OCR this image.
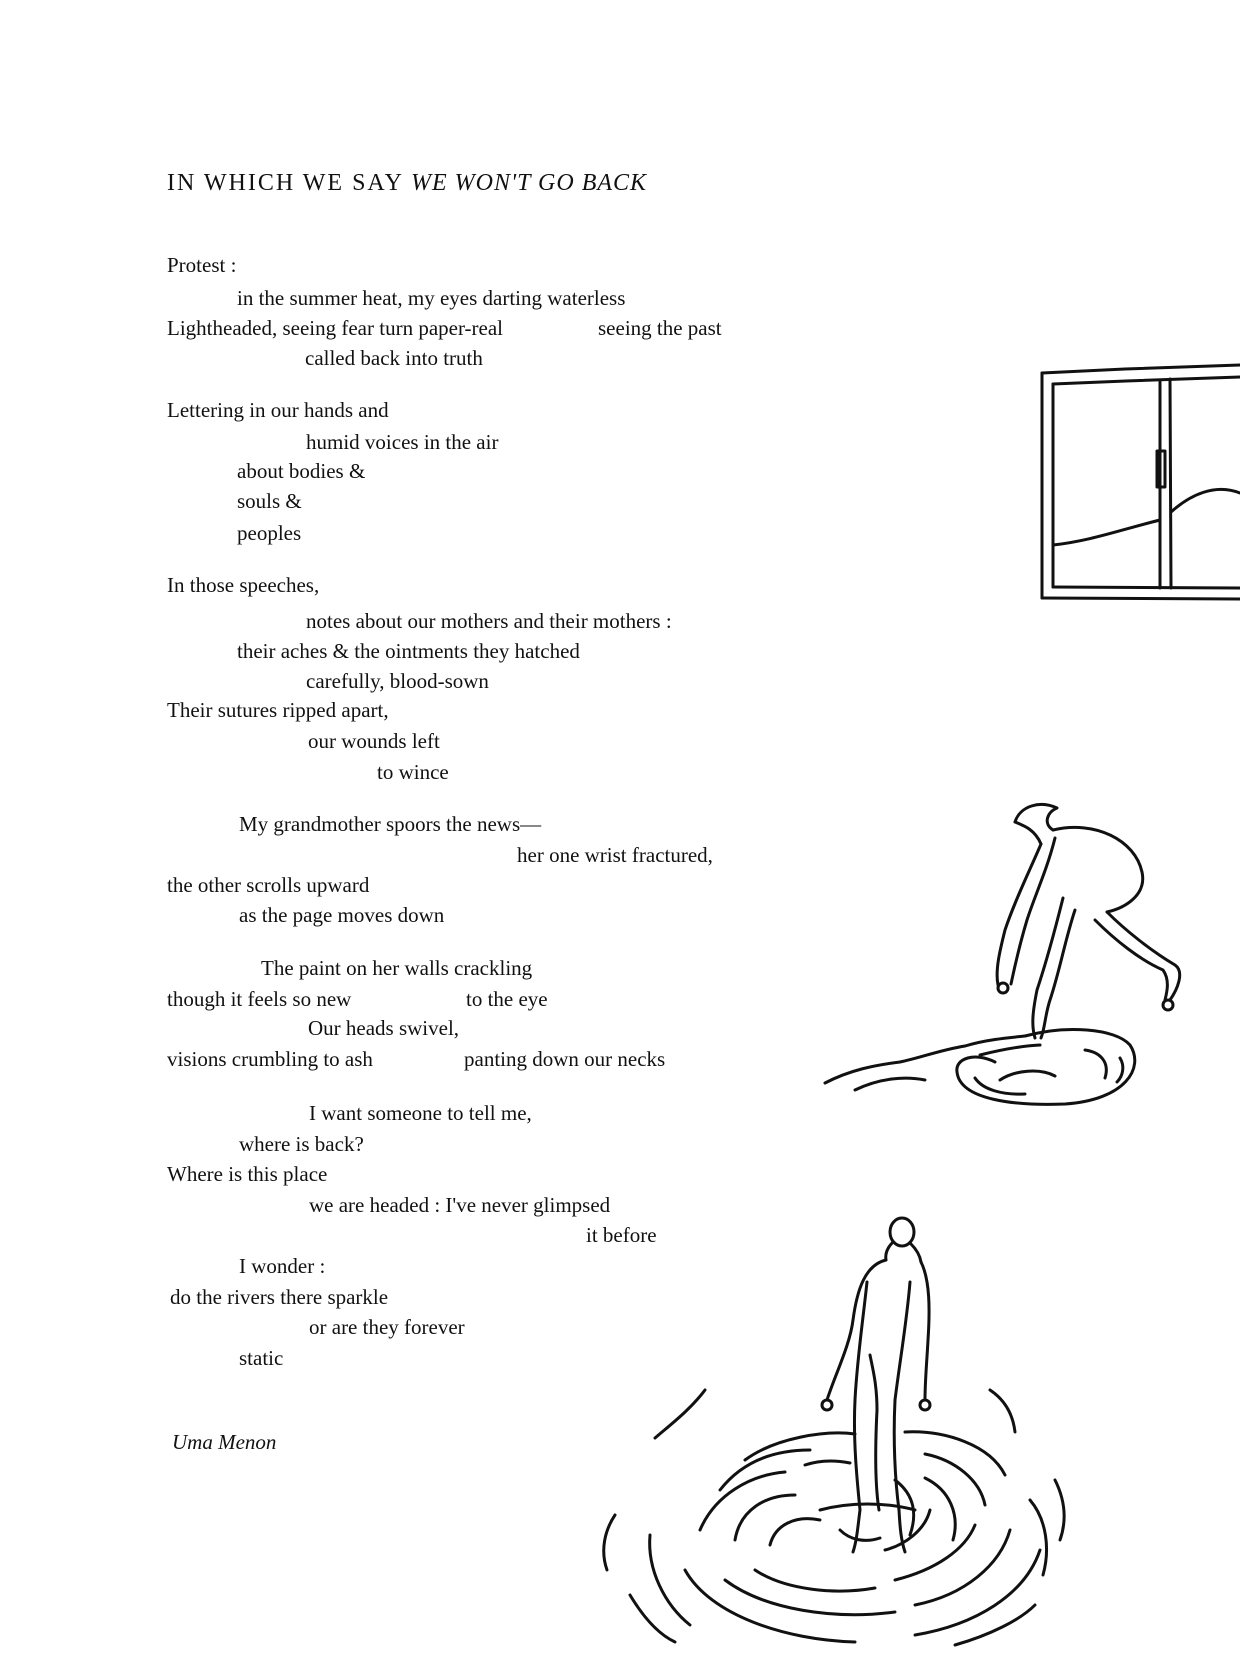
IN WHICH WE SAY WE WON'T GO BACK
Protest :
in the summer heat, my eyes darting waterless
Lightheaded, seeing fear turn paper-real	seeing the past
called back into truth
Lettering in our hands and
humid voices in the air
about bodies &
souls &
peoples
In those speeches,
notes about our mothers and their mothers :
their aches & the ointments they hatched
carefully, blood-sown
Their sutures ripped apart,
our wounds left
to wince
My grandmother spoors the news—
her one wrist fractured,
the other scrolls upward
as the page moves down
The paint on her walls crackling
though it feels so new	to the eye
Our heads swivel,
visions crumbling to ash	panting down our necks
I want someone to tell me,
where is back?
Where is this place
we are headed : I've never glimpsed
it before
I wonder :
do the rivers there sparkle
or are they forever
static
Uma Menon
